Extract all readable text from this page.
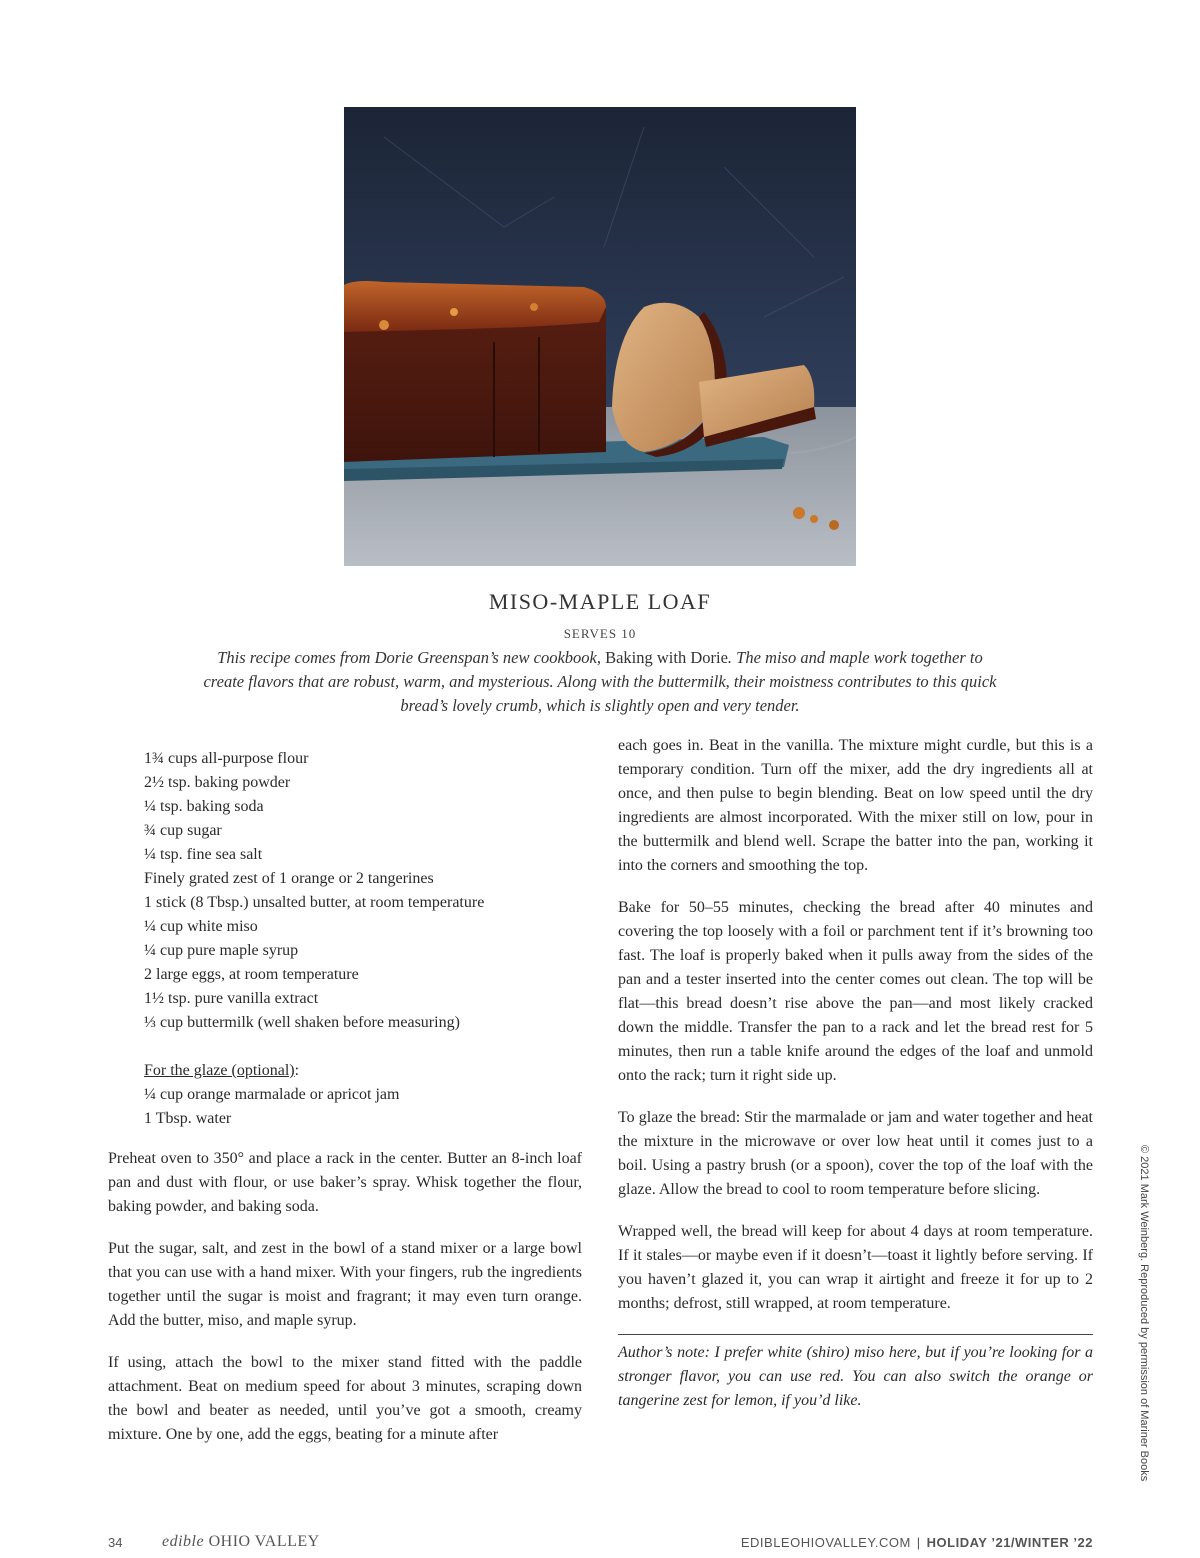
MISO-MAPLE LOAF
SERVES 10
This recipe comes from Dorie Greenspan’s new cookbook, Baking with Dorie. The miso and maple work together to create flavors that are robust, warm, and mysterious. Along with the buttermilk, their moistness contributes to this quick bread’s lovely crumb, which is slightly open and very tender.
1¾ cups all-purpose flour
2½ tsp. baking powder
¼ tsp. baking soda
¾ cup sugar
¼ tsp. fine sea salt
Finely grated zest of 1 orange or 2 tangerines
1 stick (8 Tbsp.) unsalted butter, at room temperature
¼ cup white miso
¼ cup pure maple syrup
2 large eggs, at room temperature
1½ tsp. pure vanilla extract
⅓ cup buttermilk (well shaken before measuring)
For the glaze (optional):
¼ cup orange marmalade or apricot jam
1 Tbsp. water

Preheat oven to 350° and place a rack in the center. Butter an 8-inch loaf pan and dust with flour, or use baker’s spray. Whisk together the flour, baking powder, and baking soda.

Put the sugar, salt, and zest in the bowl of a stand mixer or a large bowl that you can use with a hand mixer. With your fingers, rub the ingredients together until the sugar is moist and fragrant; it may even turn orange. Add the butter, miso, and maple syrup.

If using, attach the bowl to the mixer stand fitted with the paddle attachment. Beat on medium speed for about 3 minutes, scraping down the bowl and beater as needed, until you’ve got a smooth, creamy mixture. One by one, add the eggs, beating for a minute after

each goes in. Beat in the vanilla. The mixture might curdle, but this is a temporary condition. Turn off the mixer, add the dry ingredients all at once, and then pulse to begin blending. Beat on low speed until the dry ingredients are almost incorporated. With the mixer still on low, pour in the buttermilk and blend well. Scrape the batter into the pan, working it into the corners and smoothing the top.

Bake for 50–55 minutes, checking the bread after 40 minutes and covering the top loosely with a foil or parchment tent if it’s browning too fast. The loaf is properly baked when it pulls away from the sides of the pan and a tester inserted into the center comes out clean. The top will be flat—this bread doesn’t rise above the pan—and most likely cracked down the middle. Transfer the pan to a rack and let the bread rest for 5 minutes, then run a table knife around the edges of the loaf and unmold onto the rack; turn it right side up.

To glaze the bread: Stir the marmalade or jam and water together and heat the mixture in the microwave or over low heat until it comes just to a boil. Using a pastry brush (or a spoon), cover the top of the loaf with the glaze. Allow the bread to cool to room temperature before slicing.

Wrapped well, the bread will keep for about 4 days at room temperature. If it stales—or maybe even if it doesn’t—toast it lightly before serving. If you haven’t glazed it, you can wrap it airtight and freeze it for up to 2 months; defrost, still wrapped, at room temperature.

Author’s note: I prefer white (shiro) miso here, but if you’re looking for a stronger flavor, you can use red. You can also switch the orange or tangerine zest for lemon, if you’d like.	© 2021 Mark Weinberg. Reproduced by permission of Mariner Books
34 edible OHIO VALLEY	EDIBLEOHIOVALLEY.COM | HOLIDAY ’21/WINTER ’22
